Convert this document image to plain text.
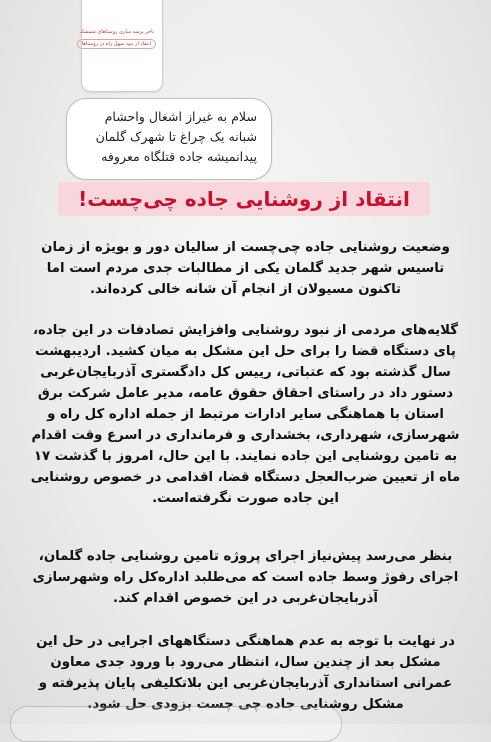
تاخر پرسه سازی روستاهای شمشک
انتقاد از نبود سهل راه در روستاها
سلام به غیراز اشغال واحشام شبانه یک چراغ تا شهرک گلمان پیدانمیشه جاده قتلگاه معروفه
انتقاد از روشنایی جاده چی‌چست!

وضعیت روشنایی جاده چی‌چست از سالیان دور و بویژه از زمان تاسیس شهر جدید گلمان یکی از مطالبات جدی مردم است اما تاکنون مسیولان از انجام آن شانه خالی کرده‌اند.

گلایه‌های مردمی از نبود روشنایی وافزایش تصادفات در این جاده، پای دستگاه قضا را برای حل این مشکل به میان کشید. اردیبهشت سال گذشته بود که عتباتی، رییس کل دادگستری آذربایجان‌غربی دستور داد در راستای احقاق حقوق عامه، مدیر عامل شرکت برق استان با هماهنگی سایر ادارات مرتبط از جمله اداره کل راه و شهرسازی، شهرداری، بخشداری و فرمانداری در اسرع وقت اقدام به تامین روشنایی این جاده نمایند. با این حال، امروز با گذشت ۱۷ ماه از تعیین ضرب‌العجل دستگاه قضا، اقدامی در خصوص روشنایی این جاده صورت نگرفته‌است.

بنظر می‌رسد پیش‌نیاز اجرای پروژه تامین روشنایی جاده گلمان، اجرای رفوژ وسط جاده است که می‌طلبد اداره‌کل راه وشهرسازی آذربایجان‌غربی در این خصوص اقدام کند.

در نهایت با توجه به عدم هماهنگی دستگاههای اجرایی در حل این مشکل بعد از چندین سال، انتظار می‌رود با ورود جدی معاون عمرانی استانداری آذربایجان‌غربی این بلاتکلیفی پایان پذیرفته و مشکل روشنایی جاده چی چست بزودی حل شود.
